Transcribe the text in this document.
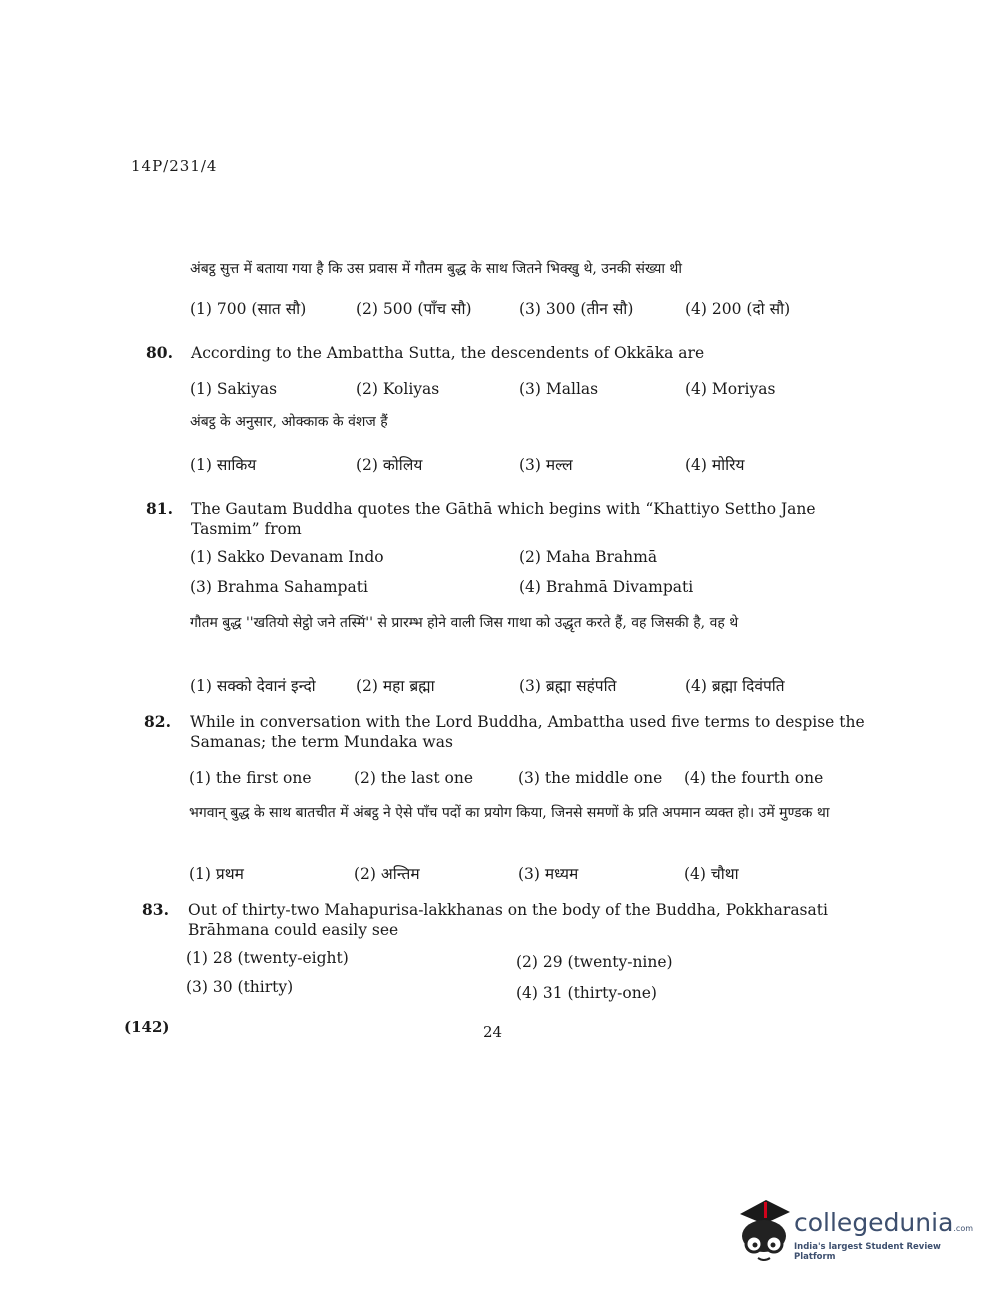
14P/231/4
अंबट्ठ सुत्त में बताया गया है कि उस प्रवास में गौतम बुद्ध के साथ जितने भिक्खु थे, उनकी संख्या थी
(1) 700 (सात सौ)	(2) 500 (पाँच सौ)	(3) 300 (तीन सौ)	(4) 200 (दो सौ)
80. According to the Ambattha Sutta, the descendents of Okkāka are
(1) Sakiyas	(2) Koliyas	(3) Mallas	(4) Moriyas
अंबट्ठ के अनुसार, ओक्काक के वंशज हैं
(1) साकिय	(2) कोलिय	(3) मल्ल	(4) मोरिय
81. The Gautam Buddha quotes the Gāthā which begins with “Khattiyo Settho Jane Tasmim” from
(1) Sakko Devanam Indo	(2) Maha Brahmā
(3) Brahma Sahampati	(4) Brahmā Divampati
गौतम बुद्ध ''खतियो सेट्ठो जने तस्मिं'' से प्रारम्भ होने वाली जिस गाथा को उद्धृत करते हैं, वह जिसकी है, वह थे
(1) सक्को देवानं इन्दो	(2) महा ब्रह्मा	(3) ब्रह्मा सहंपति	(4) ब्रह्मा दिवंपति
82. While in conversation with the Lord Buddha, Ambattha used five terms to despise the Samanas; the term Mundaka was
(1) the first one	(2) the last one	(3) the middle one (4) the fourth one
भगवान् बुद्ध के साथ बातचीत में अंबट्ठ ने ऐसे पाँच पदों का प्रयोग किया, जिनसे समणों के प्रति अपमान व्यक्त हो। उमें मुण्डक था
(1) प्रथम	(2) अन्तिम	(3) मध्यम	(4) चौथा
83. Out of thirty-two Mahapurisa-lakkhanas on the body of the Buddha, Pokkharasati Brāhmana could easily see
(1) 28 (twenty-eight)	(2) 29 (twenty-nine)
(3) 30 (thirty)	(4) 31 (thirty-one)
(142)	24
collegedunia.com
India's largest Student Review Platform
